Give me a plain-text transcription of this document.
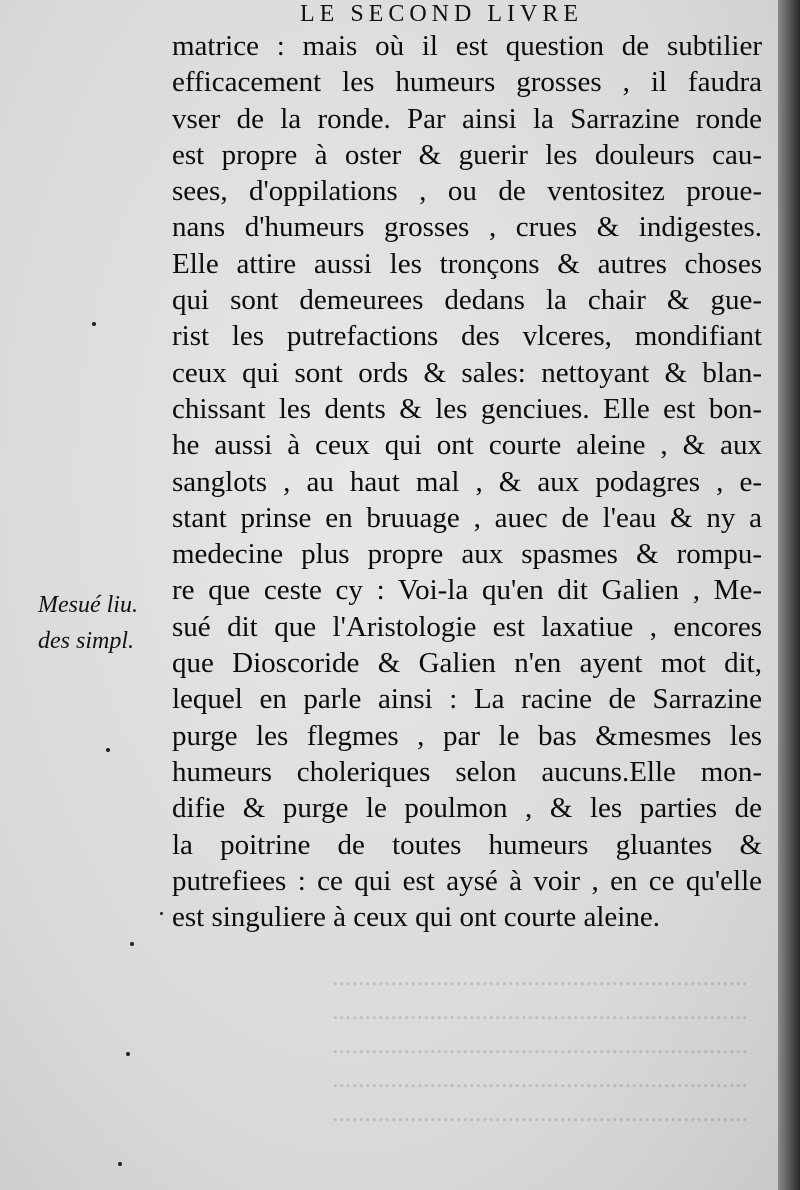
LE SECOND LIVRE
matrice : mais où il est question de subtilier
efficacement les humeurs grosses , il faudra
vser de la ronde. Par ainsi la Sarrazine ronde
est propre à oster & guerir les douleurs cau-
sees, d'oppilations , ou de ventositez proue-
nans d'humeurs grosses , crues & indigestes.
Elle attire aussi les tronçons & autres choses
qui sont demeurees dedans la chair & gue-
rist les putrefactions des vlceres, mondifiant
ceux qui sont ords & sales: nettoyant & blan-
chissant les dents & les genciues. Elle est bon-
he aussi à ceux qui ont courte aleine , & aux
sanglots , au haut mal , & aux podagres , e-
stant prinse en bruuage , auec de l'eau & ny a
medecine plus propre aux spasmes & rompu-
re que ceste cy : Voi-la qu'en dit Galien , Me-
sué dit que l'Aristologie est laxatiue , encores
que Dioscoride & Galien n'en ayent mot dit,
lequel en parle ainsi : La racine de Sarrazine
purge les flegmes , par le bas &mesmes les
humeurs choleriques selon aucuns.Elle mon-
difie & purge le poulmon , & les parties de
la poitrine de toutes humeurs gluantes &
putrefiees : ce qui est aysé à voir , en ce qu'elle
est singuliere à ceux qui ont courte aleine.
Mesué liu.
des simpl.
................................................................
................................................................
................................................................
................................................................
................................................................
